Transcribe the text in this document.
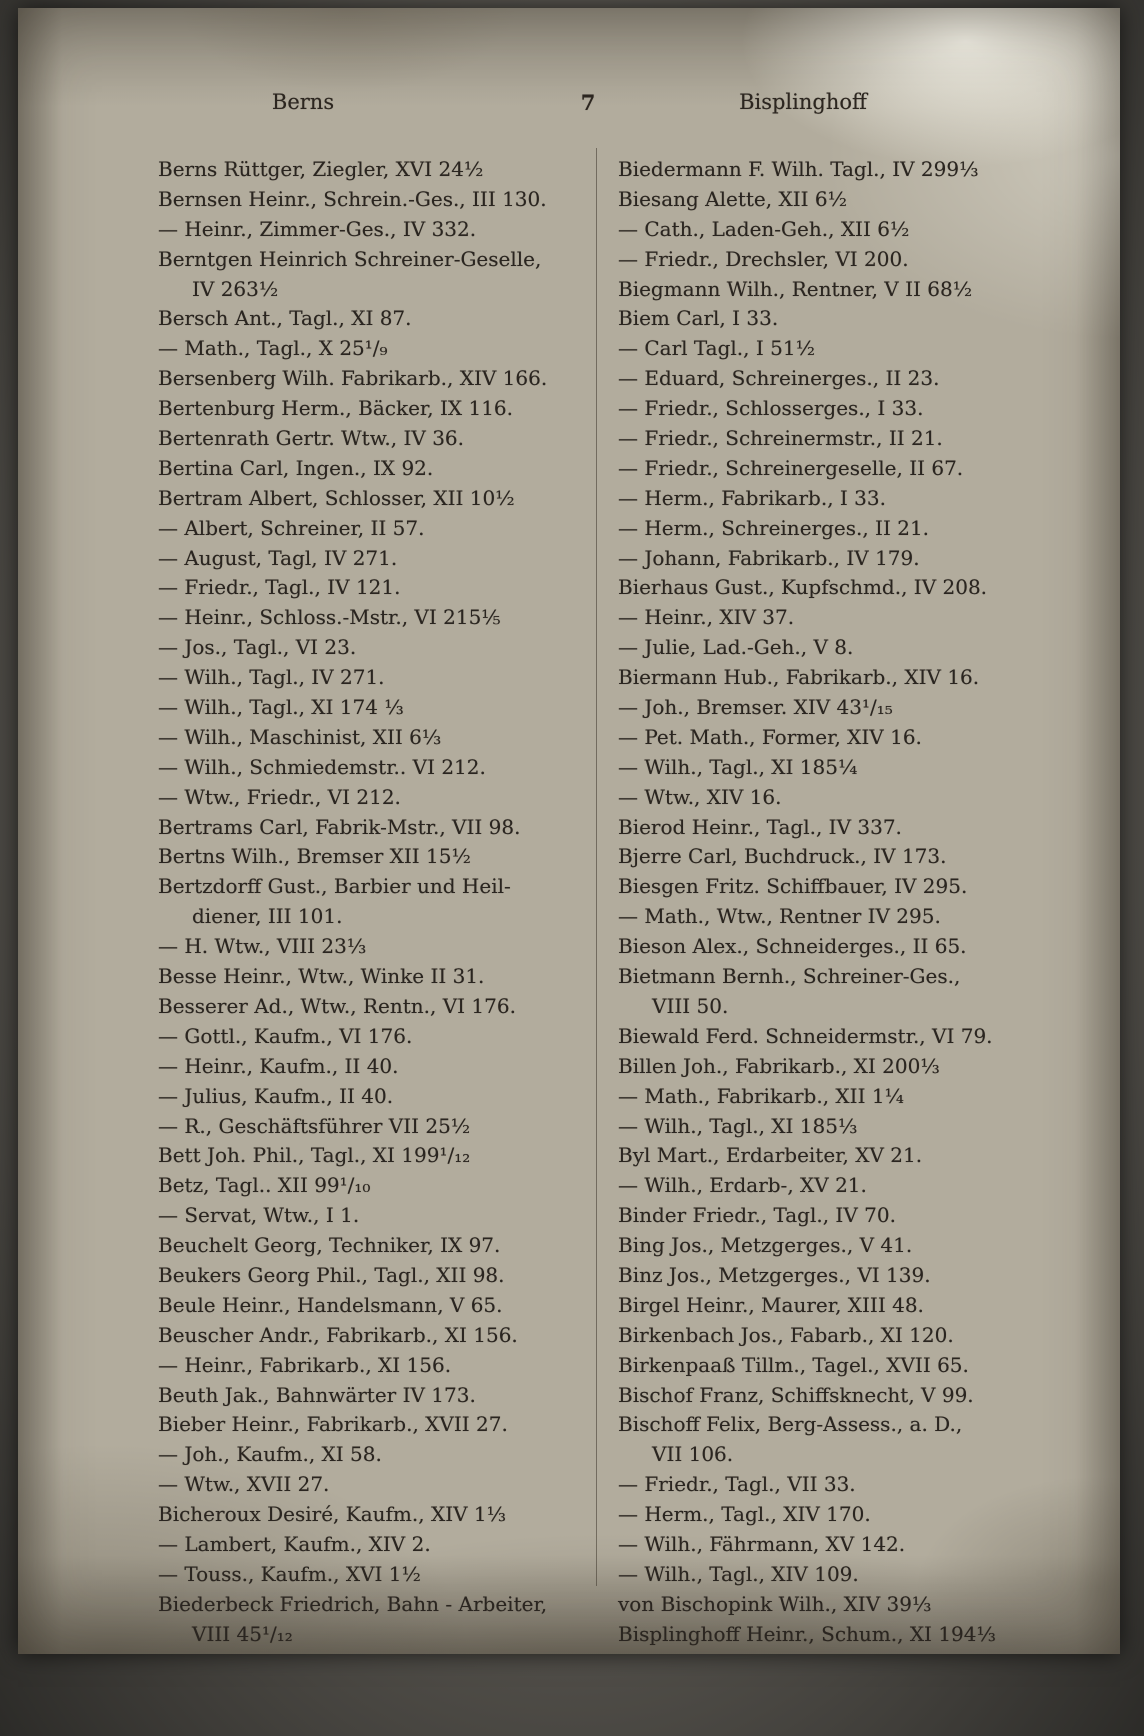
Berns	7	Bisplinghoff
Berns Rüttger, Ziegler, XVI 24½
Bernsen Heinr., Schrein.-Ges., III 130.
— Heinr., Zimmer-Ges., IV 332.
Berntgen Heinrich Schreiner-Geselle,
IV 263½
Bersch Ant., Tagl., XI 87.
— Math., Tagl., X 25¹/₉
Bersenberg Wilh. Fabrikarb., XIV 166.
Bertenburg Herm., Bäcker, IX 116.
Bertenrath Gertr. Wtw., IV 36.
Bertina Carl, Ingen., IX 92.
Bertram Albert, Schlosser, XII 10½
— Albert, Schreiner, II 57.
— August, Tagl, IV 271.
— Friedr., Tagl., IV 121.
— Heinr., Schloss.-Mstr., VI 215⅕
— Jos., Tagl., VI 23.
— Wilh., Tagl., IV 271.
— Wilh., Tagl., XI 174 ⅓
— Wilh., Maschinist, XII 6⅓
— Wilh., Schmiedemstr.. VI 212.
— Wtw., Friedr., VI 212.
Bertrams Carl, Fabrik-Mstr., VII 98.
Bertns Wilh., Bremser XII 15½
Bertzdorff Gust., Barbier und Heil-
diener, III 101.
— H. Wtw., VIII 23⅓
Besse Heinr., Wtw., Winke II 31.
Besserer Ad., Wtw., Rentn., VI 176.
— Gottl., Kaufm., VI 176.
— Heinr., Kaufm., II 40.
— Julius, Kaufm., II 40.
— R., Geschäftsführer VII 25½
Bett Joh. Phil., Tagl., XI 199¹/₁₂
Betz, Tagl.. XII 99¹/₁₀
— Servat, Wtw., I 1.
Beuchelt Georg, Techniker, IX 97.
Beukers Georg Phil., Tagl., XII 98.
Beule Heinr., Handelsmann, V 65.
Beuscher Andr., Fabrikarb., XI 156.
— Heinr., Fabrikarb., XI 156.
Beuth Jak., Bahnwärter IV 173.
Bieber Heinr., Fabrikarb., XVII 27.
— Joh., Kaufm., XI 58.
— Wtw., XVII 27.
Bicheroux Desiré, Kaufm., XIV 1⅓
— Lambert, Kaufm., XIV 2.
— Touss., Kaufm., XVI 1½
Biederbeck Friedrich, Bahn - Arbeiter,
VIII 45¹/₁₂
Biedermann F. Wilh. Tagl., IV 299⅓
Biesang Alette, XII 6½
— Cath., Laden-Geh., XII 6½
— Friedr., Drechsler, VI 200.
Biegmann Wilh., Rentner, V II 68½
Biem Carl, I 33.
— Carl Tagl., I 51½
— Eduard, Schreinerges., II 23.
— Friedr., Schlosserges., I 33.
— Friedr., Schreinermstr., II 21.
— Friedr., Schreinergeselle, II 67.
— Herm., Fabrikarb., I 33.
— Herm., Schreinerges., II 21.
— Johann, Fabrikarb., IV 179.
Bierhaus Gust., Kupfschmd., IV 208.
— Heinr., XIV 37.
— Julie, Lad.-Geh., V 8.
Biermann Hub., Fabrikarb., XIV 16.
— Joh., Bremser. XIV 43¹/₁₅
— Pet. Math., Former, XIV 16.
— Wilh., Tagl., XI 185¼
— Wtw., XIV 16.
Bierod Heinr., Tagl., IV 337.
Bjerre Carl, Buchdruck., IV 173.
Biesgen Fritz. Schiffbauer, IV 295.
— Math., Wtw., Rentner IV 295.
Bieson Alex., Schneiderges., II 65.
Bietmann Bernh., Schreiner-Ges.,
VIII 50.
Biewald Ferd. Schneidermstr., VI 79.
Billen Joh., Fabrikarb., XI 200⅓
— Math., Fabrikarb., XII 1¼
— Wilh., Tagl., XI 185⅓
Byl Mart., Erdarbeiter, XV 21.
— Wilh., Erdarb-, XV 21.
Binder Friedr., Tagl., IV 70.
Bing Jos., Metzgerges., V 41.
Binz Jos., Metzgerges., VI 139.
Birgel Heinr., Maurer, XIII 48.
Birkenbach Jos., Fabarb., XI 120.
Birkenpaaß Tillm., Tagel., XVII 65.
Bischof Franz, Schiffsknecht, V 99.
Bischoff Felix, Berg-Assess., a. D.,
VII 106.
— Friedr., Tagl., VII 33.
— Herm., Tagl., XIV 170.
— Wilh., Fährmann, XV 142.
— Wilh., Tagl., XIV 109.
von Bischopink Wilh., XIV 39⅓
Bisplinghoff Heinr., Schum., XI 194⅓
